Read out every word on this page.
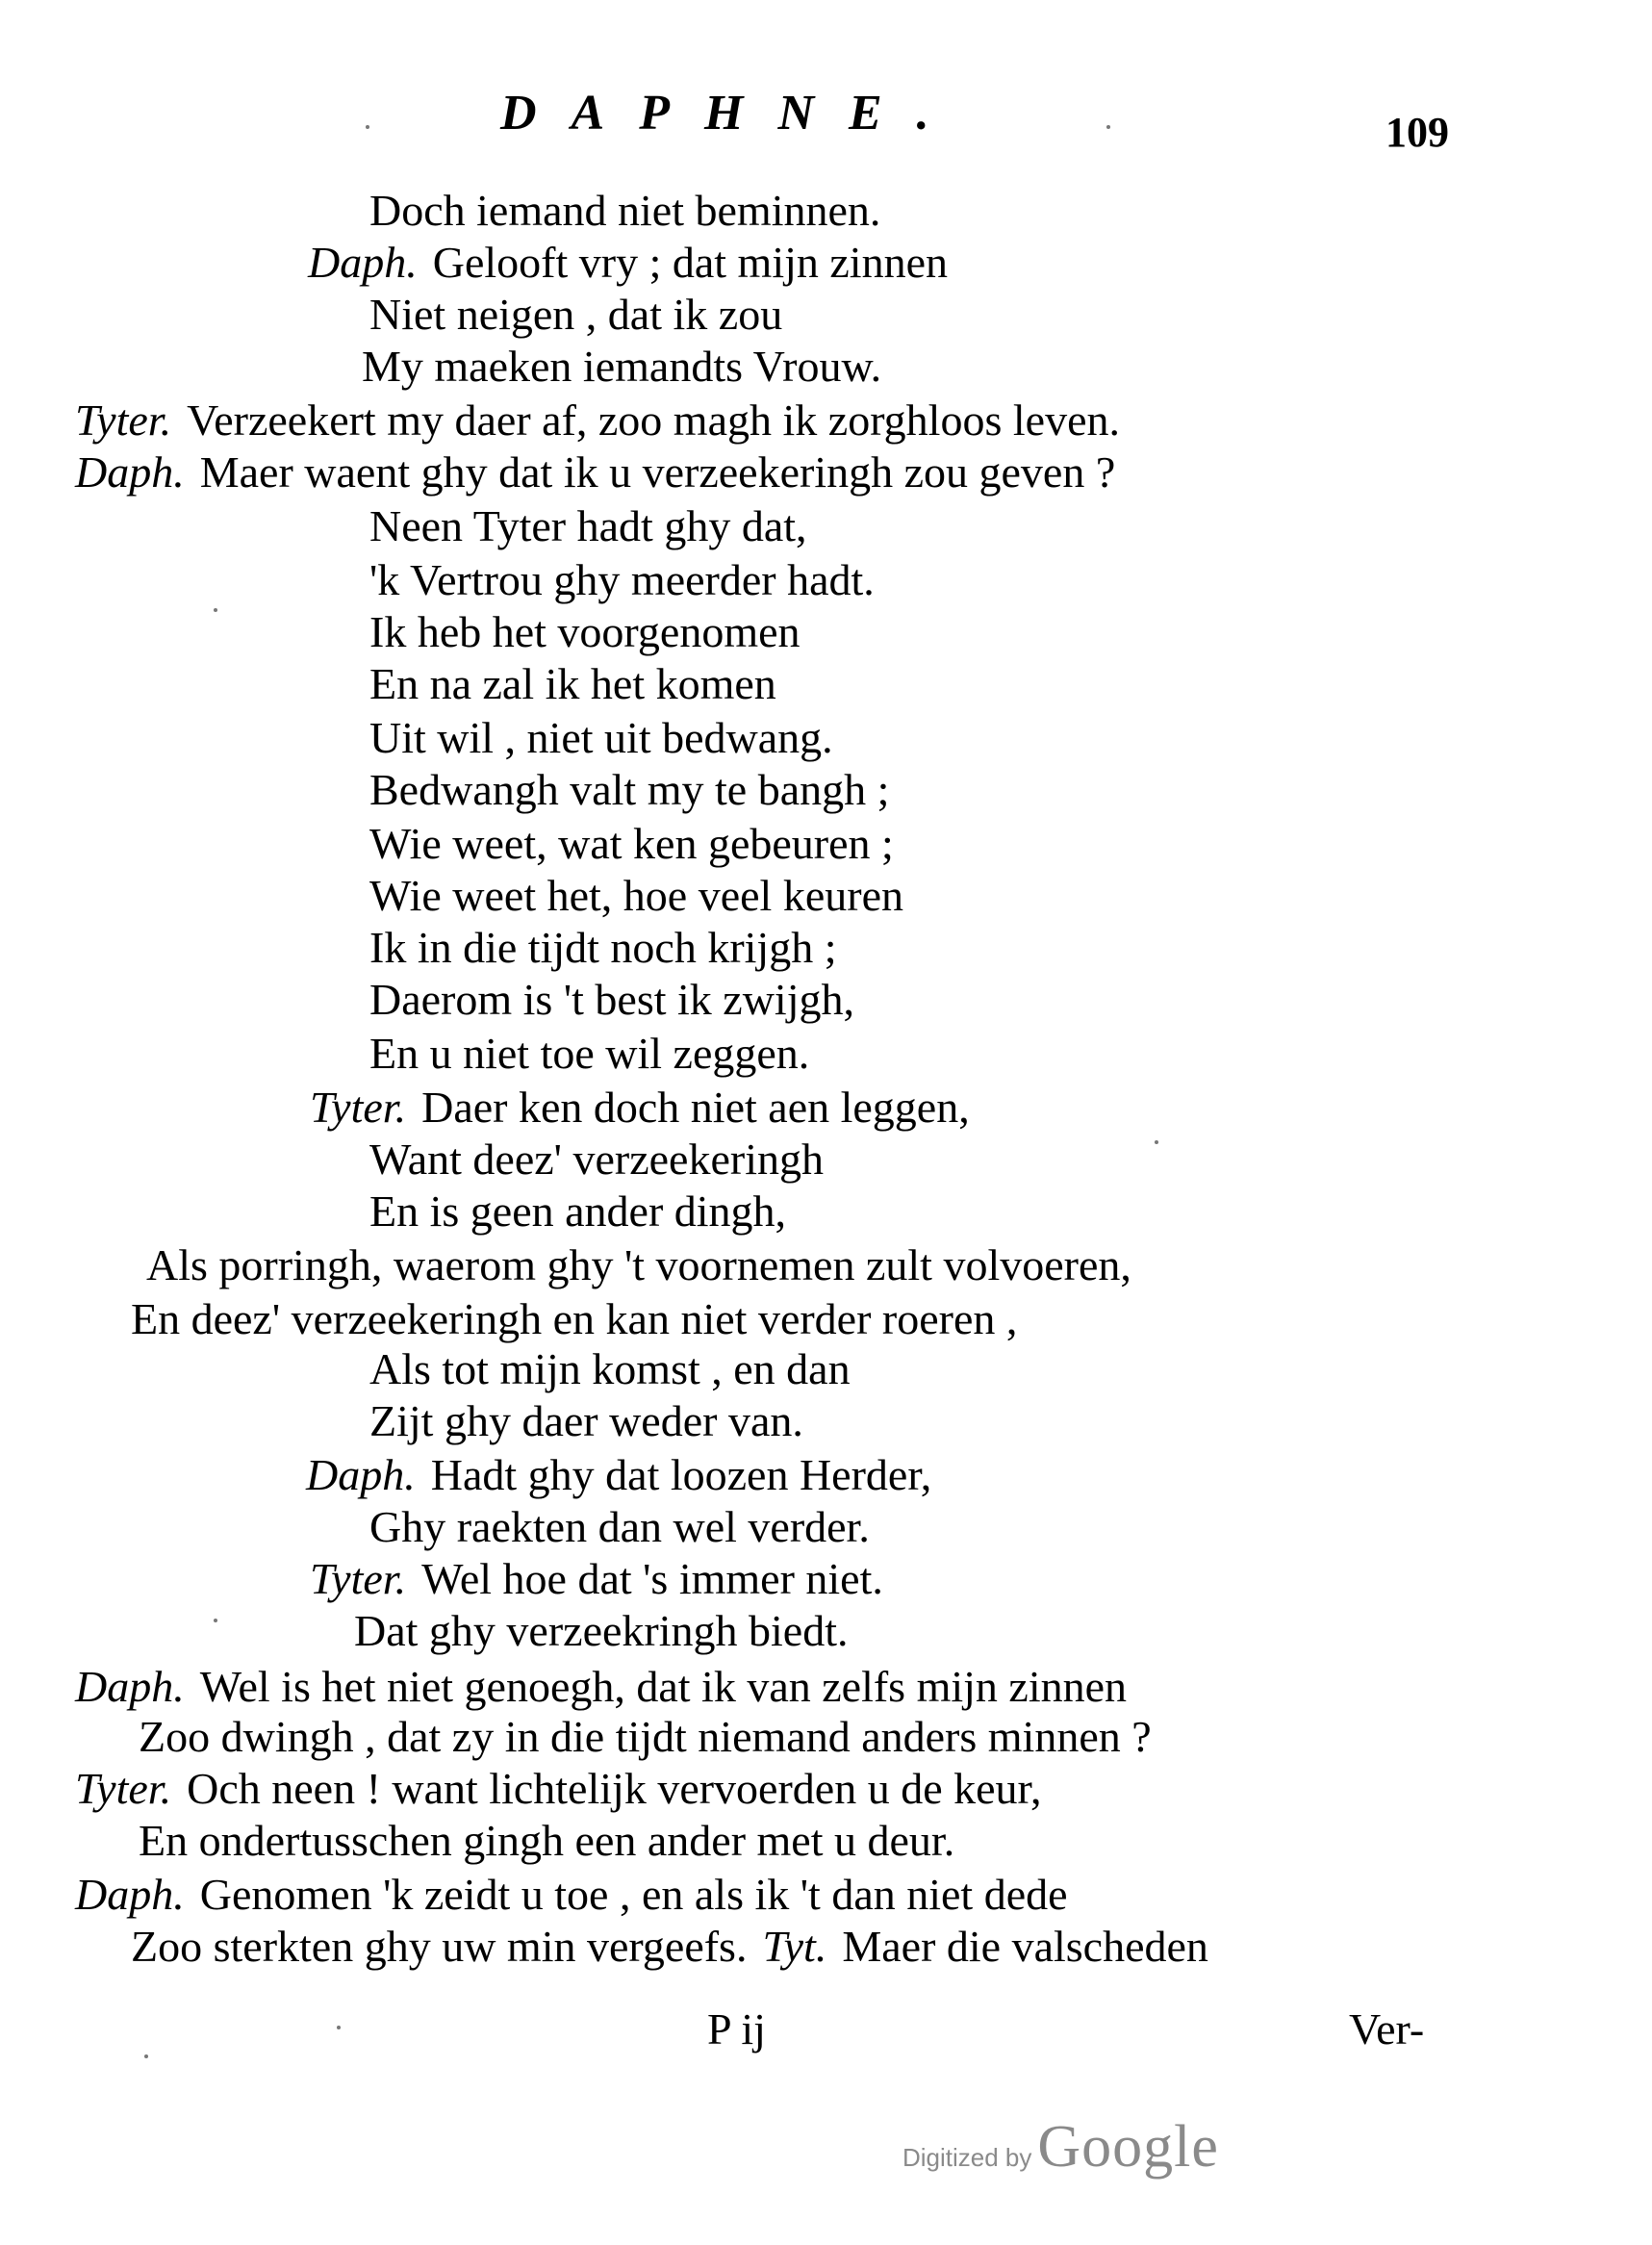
DAPHNE.	109
Doch iemand niet beminnen.
Daph. Gelooft vry ; dat mijn zinnen
Niet neigen , dat ik zou
My maeken iemandts Vrouw.
Tyter. Verzeekert my daer af, zoo magh ik zorghloos leven.
Daph. Maer waent ghy dat ik u verzeekeringh zou geven ?
Neen Tyter hadt ghy dat,
'k Vertrou ghy meerder hadt.
Ik heb het voorgenomen
En na zal ik het komen
Uit wil , niet uit bedwang.
Bedwangh valt my te bangh ;
Wie weet, wat ken gebeuren ;
Wie weet het, hoe veel keuren
Ik in die tijdt noch krijgh ;
Daerom is 't best ik zwijgh,
En u niet toe wil zeggen.
Tyter. Daer ken doch niet aen leggen,
Want deez' verzeekeringh
En is geen ander dingh,
Als porringh, waerom ghy 't voornemen zult volvoeren,
En deez' verzeekeringh en kan niet verder roeren ,
Als tot mijn komst , en dan
Zijt ghy daer weder van.
Daph. Hadt ghy dat loozen Herder,
Ghy raekten dan wel verder.
Tyter. Wel hoe dat 's immer niet.
Dat ghy verzeekringh biedt.
Daph. Wel is het niet genoegh, dat ik van zelfs mijn zinnen
Zoo dwingh , dat zy in die tijdt niemand anders minnen ?
Tyter. Och neen ! want lichtelijk vervoerden u de keur,
En ondertusschen gingh een ander met u deur.
Daph. Genomen 'k zeidt u toe , en als ik 't dan niet dede
Zoo sterkten ghy uw min vergeefs. Tyt. Maer die valscheden
P ij	Ver-
Digitized byGoogle
